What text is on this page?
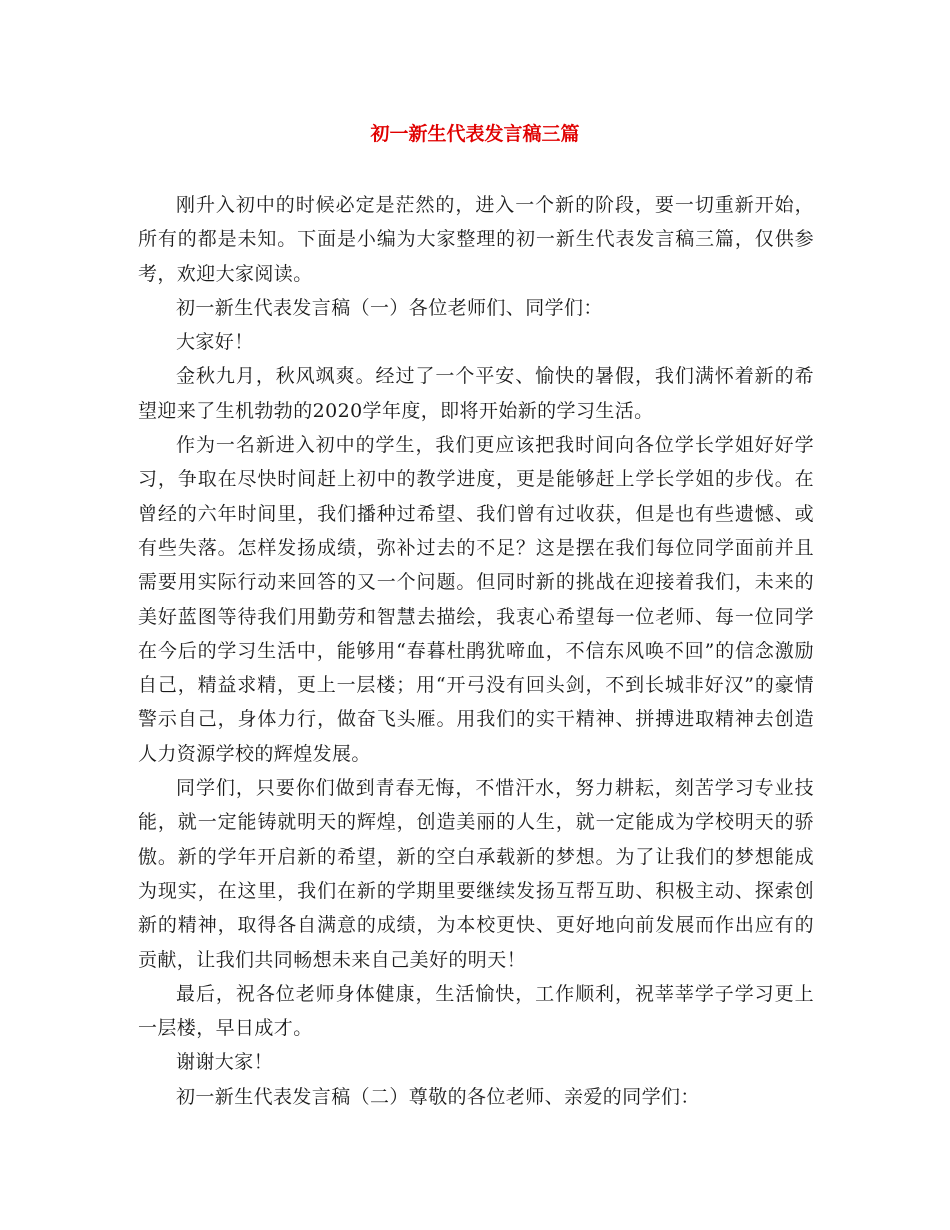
初一新生代表发言稿三篇

刚升入初中的时候必定是茫然的，进入一个新的阶段，要一切重新开始，所有的都是未知。下面是小编为大家整理的初一新生代表发言稿三篇，仅供参考，欢迎大家阅读。

初一新生代表发言稿（一）各位老师们、同学们：

大家好！

金秋九月，秋风飒爽。经过了一个平安、愉快的暑假，我们满怀着新的希望迎来了生机勃勃的2020学年度，即将开始新的学习生活。

作为一名新进入初中的学生，我们更应该把我时间向各位学长学姐好好学习，争取在尽快时间赶上初中的教学进度，更是能够赶上学长学姐的步伐。在曾经的六年时间里，我们播种过希望、我们曾有过收获，但是也有些遗憾、或有些失落。怎样发扬成绩，弥补过去的不足？这是摆在我们每位同学面前并且需要用实际行动来回答的又一个问题。但同时新的挑战在迎接着我们，未来的美好蓝图等待我们用勤劳和智慧去描绘，我衷心希望每一位老师、每一位同学在今后的学习生活中，能够用“春暮杜鹃犹啼血，不信东风唤不回”的信念激励自己，精益求精，更上一层楼；用“开弓没有回头剑，不到长城非好汉”的豪情警示自己，身体力行，做奋飞头雁。用我们的实干精神、拼搏进取精神去创造人力资源学校的辉煌发展。

同学们，只要你们做到青春无悔，不惜汗水，努力耕耘，刻苦学习专业技能，就一定能铸就明天的辉煌，创造美丽的人生，就一定能成为学校明天的骄傲。新的学年开启新的希望，新的空白承载新的梦想。为了让我们的梦想能成为现实，在这里，我们在新的学期里要继续发扬互帮互助、积极主动、探索创新的精神，取得各自满意的成绩，为本校更快、更好地向前发展而作出应有的贡献，让我们共同畅想未来自己美好的明天！

最后，祝各位老师身体健康，生活愉快，工作顺利，祝莘莘学子学习更上一层楼，早日成才。

谢谢大家！

初一新生代表发言稿（二）尊敬的各位老师、亲爱的同学们：
